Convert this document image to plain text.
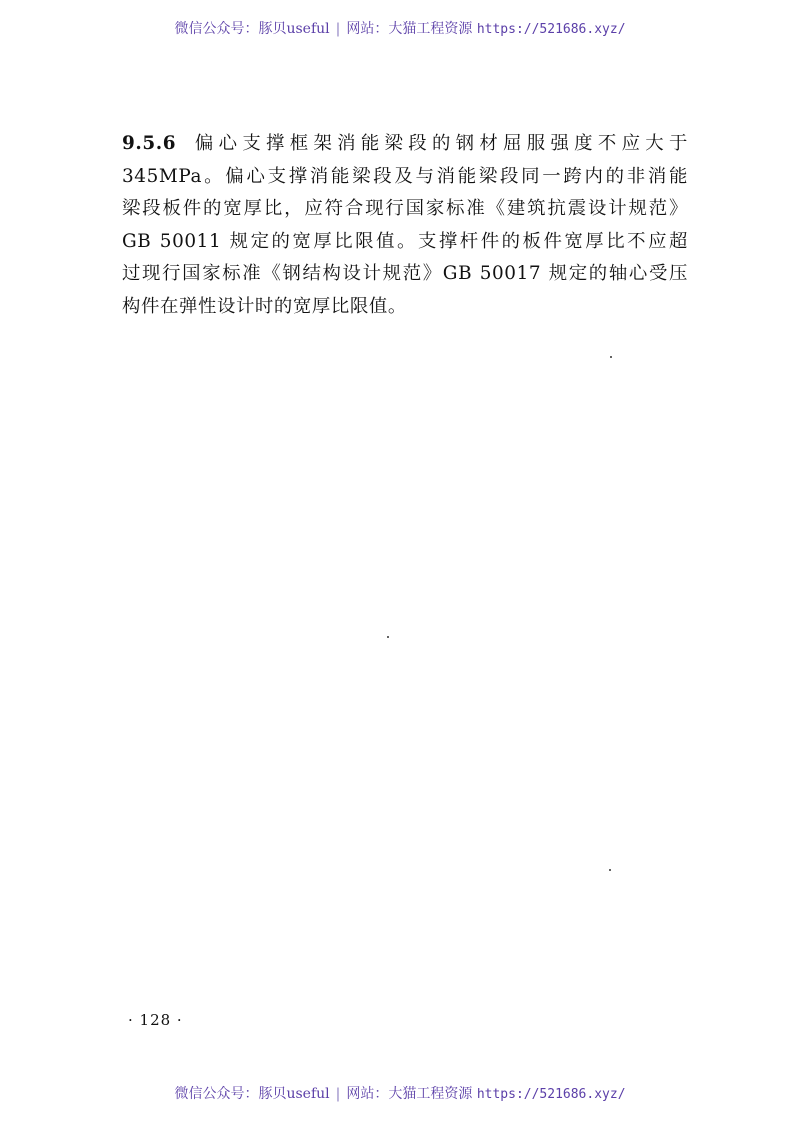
微信公众号：豚贝useful | 网站：大猫工程资源 https://521686.xyz/
9.5.6 偏心支撑框架消能梁段的钢材屈服强度不应大于
345MPa。偏心支撑消能梁段及与消能梁段同一跨内的非消能
梁段板件的宽厚比，应符合现行国家标准《建筑抗震设计规范》
GB 50011 规定的宽厚比限值。支撑杆件的板件宽厚比不应超
过现行国家标准《钢结构设计规范》GB 50017 规定的轴心受压
构件在弹性设计时的宽厚比限值。
· 128 ·
微信公众号：豚贝useful | 网站：大猫工程资源 https://521686.xyz/
